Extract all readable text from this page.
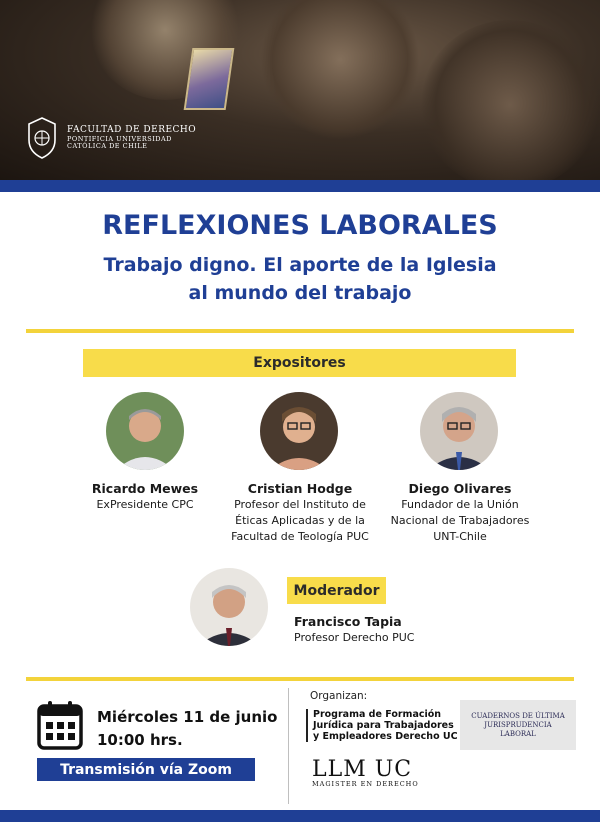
FACULTAD DE DERECHO
PONTIFICIA UNIVERSIDAD
CATÓLICA DE CHILE
REFLEXIONES LABORALES
Trabajo digno. El aporte de la Iglesia
al mundo del trabajo
Expositores
Ricardo Mewes
ExPresidente CPC
Cristian Hodge
Profesor del Instituto de
Éticas Aplicadas y de la
Facultad de Teología PUC
Diego Olivares
Fundador de la Unión
Nacional de Trabajadores
UNT-Chile
Moderador
Francisco Tapia
Profesor Derecho PUC
Miércoles 11 de junio
10:00 hrs.
Transmisión vía Zoom
Organizan:
Programa de Formación
Jurídica para Trabajadores
y Empleadores Derecho UC
CUADERNOS DE ÚLTIMA
JURISPRUDENCIA
LABORAL
LLM UC
MAGISTER EN DERECHO
